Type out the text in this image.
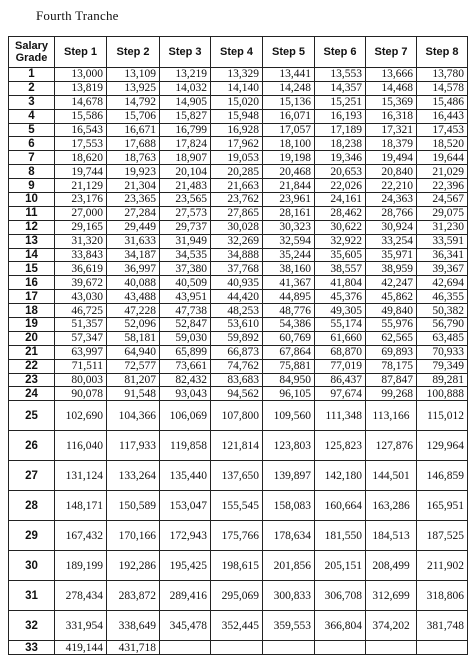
Fourth Tranche
Salary Grade	Step 1	Step 2	Step 3	Step 4	Step 5	Step 6	Step 7	Step 8
1	13,000	13,109	13,219	13,329	13,441	13,553	13,666	13,780
2	13,819	13,925	14,032	14,140	14,248	14,357	14,468	14,578
3	14,678	14,792	14,905	15,020	15,136	15,251	15,369	15,486
4	15,586	15,706	15,827	15,948	16,071	16,193	16,318	16,443
5	16,543	16,671	16,799	16,928	17,057	17,189	17,321	17,453
6	17,553	17,688	17,824	17,962	18,100	18,238	18,379	18,520
7	18,620	18,763	18,907	19,053	19,198	19,346	19,494	19,644
8	19,744	19,923	20,104	20,285	20,468	20,653	20,840	21,029
9	21,129	21,304	21,483	21,663	21,844	22,026	22,210	22,396
10	23,176	23,365	23,565	23,762	23,961	24,161	24,363	24,567
11	27,000	27,284	27,573	27,865	28,161	28,462	28,766	29,075
12	29,165	29,449	29,737	30,028	30,323	30,622	30,924	31,230
13	31,320	31,633	31,949	32,269	32,594	32,922	33,254	33,591
14	33,843	34,187	34,535	34,888	35,244	35,605	35,971	36,341
15	36,619	36,997	37,380	37,768	38,160	38,557	38,959	39,367
16	39,672	40,088	40,509	40,935	41,367	41,804	42,247	42,694
17	43,030	43,488	43,951	44,420	44,895	45,376	45,862	46,355
18	46,725	47,228	47,738	48,253	48,776	49,305	49,840	50,382
19	51,357	52,096	52,847	53,610	54,386	55,174	55,976	56,790
20	57,347	58,181	59,030	59,892	60,769	61,660	62,565	63,485
21	63,997	64,940	65,899	66,873	67,864	68,870	69,893	70,933
22	71,511	72,577	73,661	74,762	75,881	77,019	78,175	79,349
23	80,003	81,207	82,432	83,683	84,950	86,437	87,847	89,281
24	90,078	91,548	93,043	94,562	96,105	97,674	99,268	100,888
25	102,690	104,366	106,069	107,800	109,560	111,348	113,166	115,012
26	116,040	117,933	119,858	121,814	123,803	125,823	127,876	129,964
27	131,124	133,264	135,440	137,650	139,897	142,180	144,501	146,859
28	148,171	150,589	153,047	155,545	158,083	160,664	163,286	165,951
29	167,432	170,166	172,943	175,766	178,634	181,550	184,513	187,525
30	189,199	192,286	195,425	198,615	201,856	205,151	208,499	211,902
31	278,434	283,872	289,416	295,069	300,833	306,708	312,699	318,806
32	331,954	338,649	345,478	352,445	359,553	366,804	374,202	381,748
33	419,144	431,718						
